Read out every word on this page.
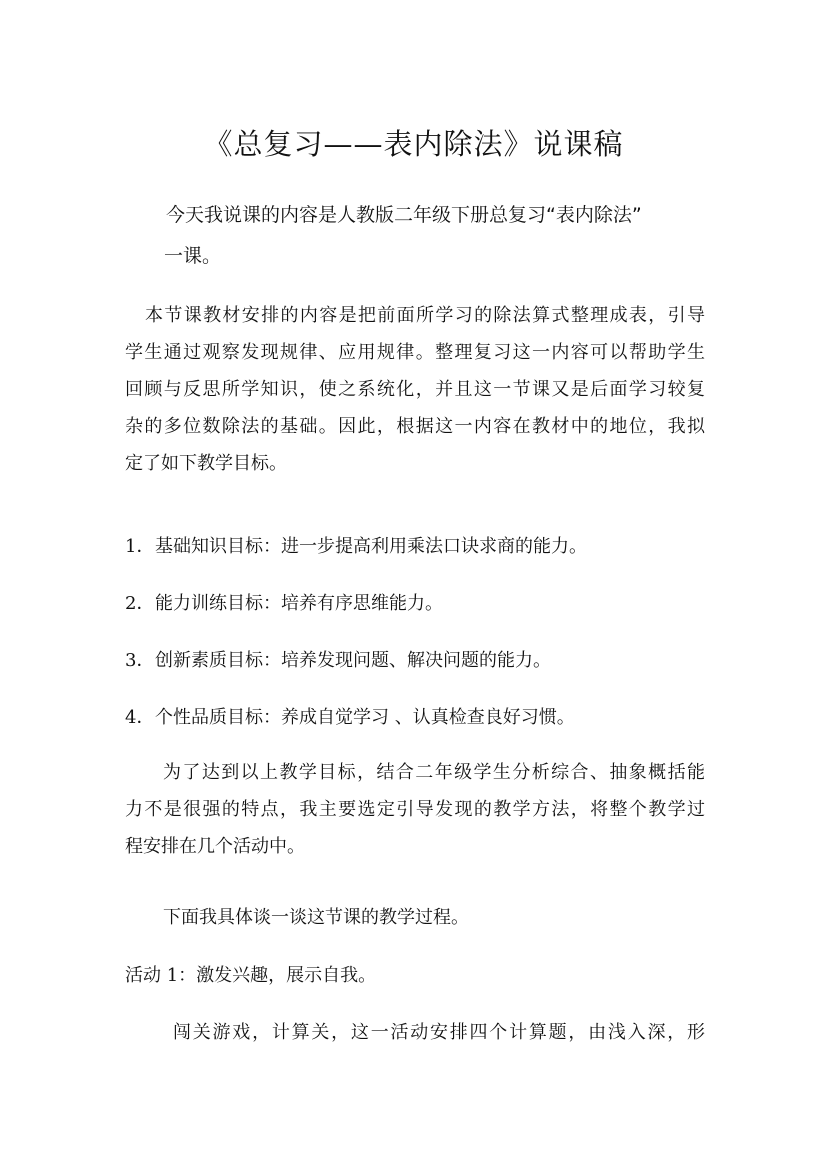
《总复习——表内除法》说课稿
今天我说课的内容是人教版二年级下册总复习“表内除法”
一课。
本节课教材安排的内容是把前面所学习的除法算式整理成表，引导
学生通过观察发现规律、应用规律。整理复习这一内容可以帮助学生
回顾与反思所学知识，使之系统化，并且这一节课又是后面学习较复
杂的多位数除法的基础。因此，根据这一内容在教材中的地位，我拟
定了如下教学目标。
1．基础知识目标：进一步提高利用乘法口诀求商的能力。
2．能力训练目标：培养有序思维能力。
3．创新素质目标：培养发现问题、解决问题的能力。
4．个性品质目标：养成自觉学习 、认真检查良好习惯。
为了达到以上教学目标，结合二年级学生分析综合、抽象概括能
力不是很强的特点，我主要选定引导发现的教学方法，将整个教学过
程安排在几个活动中。
下面我具体谈一谈这节课的教学过程。
活动 1：激发兴趣，展示自我。
闯关游戏，计算关，这一活动安排四个计算题，由浅入深，形
